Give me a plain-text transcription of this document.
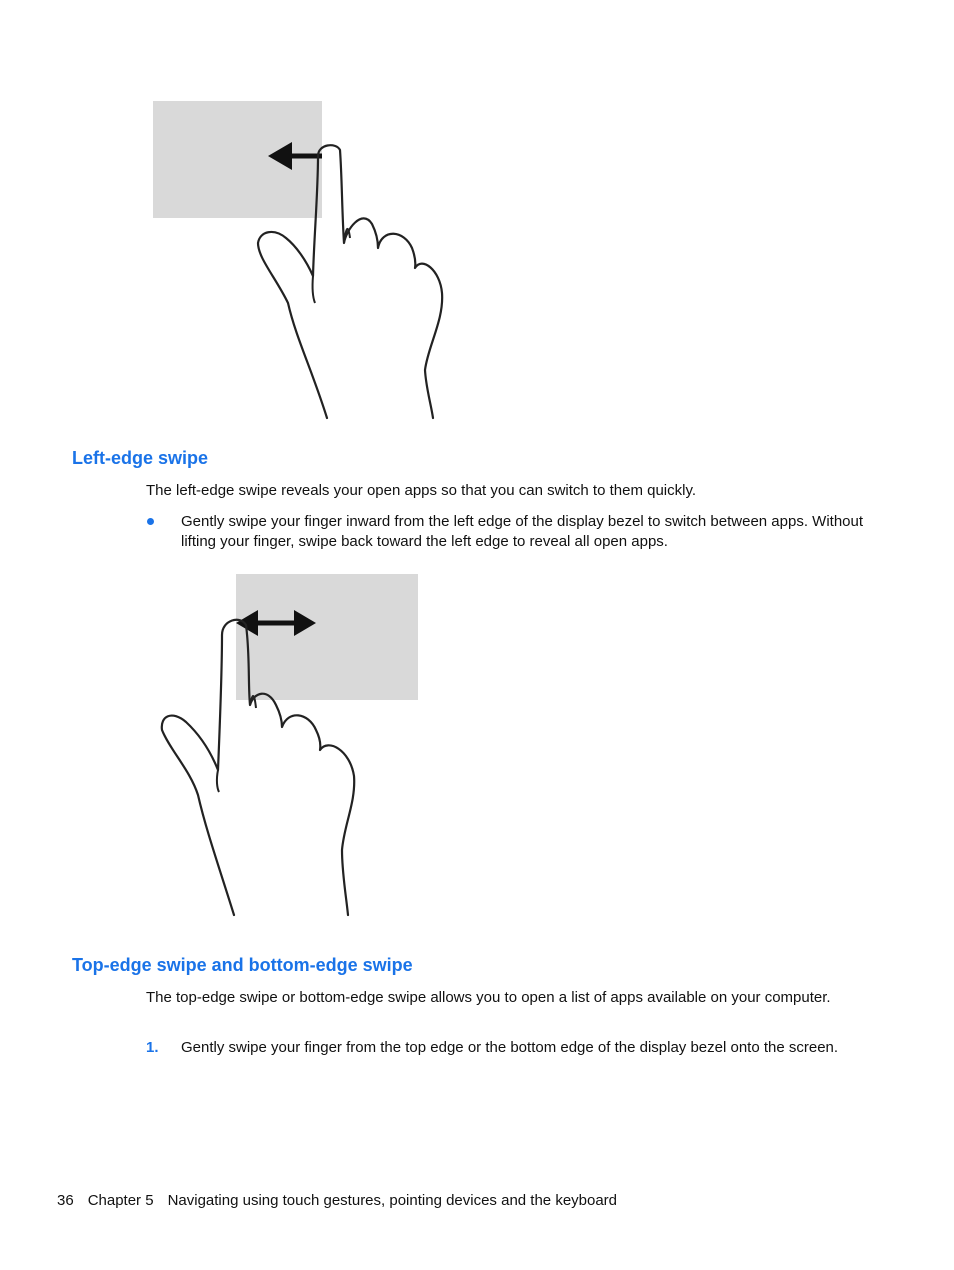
Left-edge swipe

The left-edge swipe reveals your open apps so that you can switch to them quickly.

Gently swipe your finger inward from the left edge of the display bezel to switch between apps. Without lifting your finger, swipe back toward the left edge to reveal all open apps.
Top-edge swipe and bottom-edge swipe

The top-edge swipe or bottom-edge swipe allows you to open a list of apps available on your computer.

1. Gently swipe your finger from the top edge or the bottom edge of the display bezel onto the screen.
36 Chapter 5 Navigating using touch gestures, pointing devices and the keyboard
